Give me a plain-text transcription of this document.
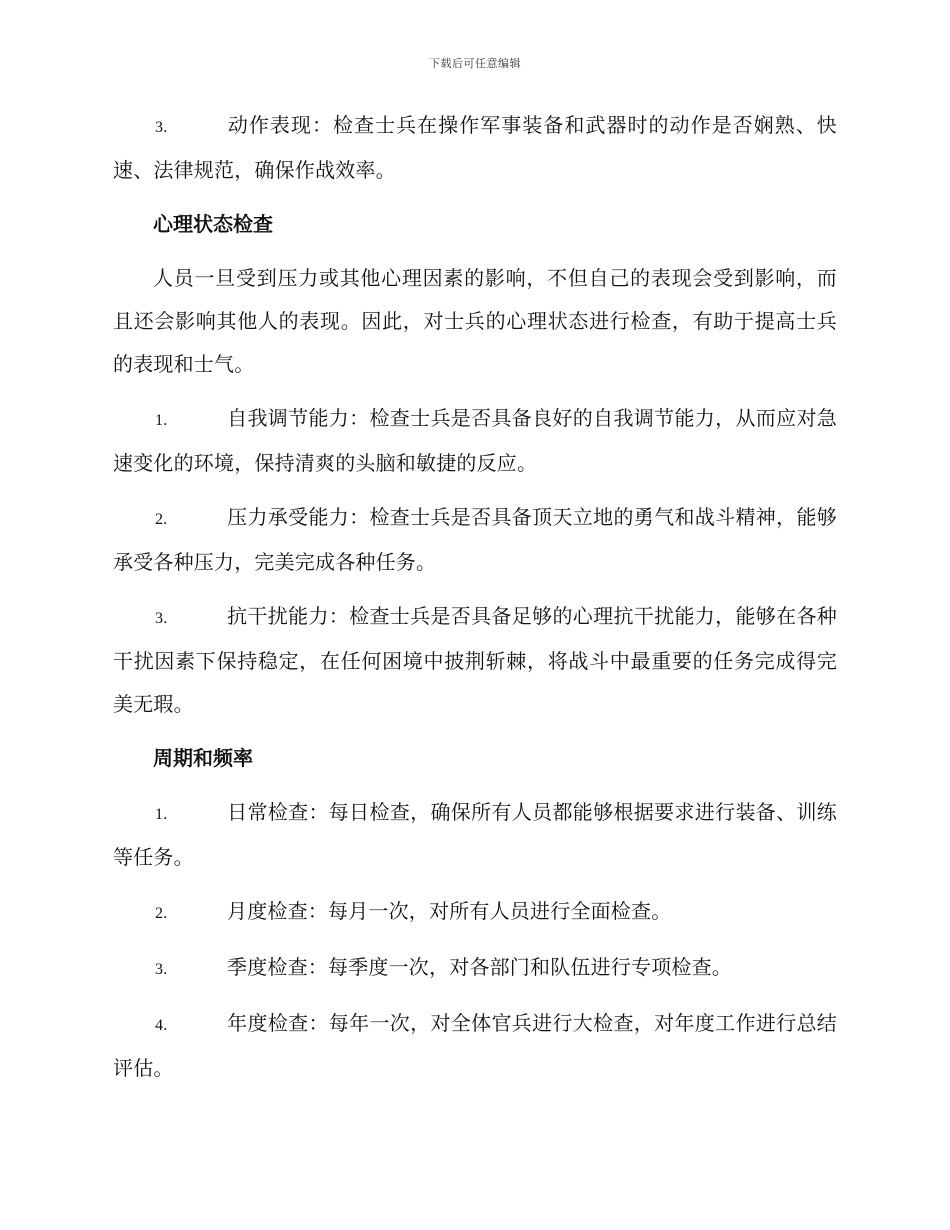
下载后可任意编辑

3.	动作表现：检查士兵在操作军事装备和武器时的动作是否娴熟、快速、法律规范，确保作战效率。

心理状态检查

人员一旦受到压力或其他心理因素的影响，不但自己的表现会受到影响，而且还会影响其他人的表现。因此，对士兵的心理状态进行检查，有助于提高士兵的表现和士气。

1.	自我调节能力：检查士兵是否具备良好的自我调节能力，从而应对急速变化的环境，保持清爽的头脑和敏捷的反应。

2.	压力承受能力：检查士兵是否具备顶天立地的勇气和战斗精神，能够承受各种压力，完美完成各种任务。

3.	抗干扰能力：检查士兵是否具备足够的心理抗干扰能力，能够在各种干扰因素下保持稳定，在任何困境中披荆斩棘，将战斗中最重要的任务完成得完美无瑕。

周期和频率

1.	日常检查：每日检查，确保所有人员都能够根据要求进行装备、训练等任务。

2.	月度检查：每月一次，对所有人员进行全面检查。

3.	季度检查：每季度一次，对各部门和队伍进行专项检查。

4.	年度检查：每年一次，对全体官兵进行大检查，对年度工作进行总结评估。
